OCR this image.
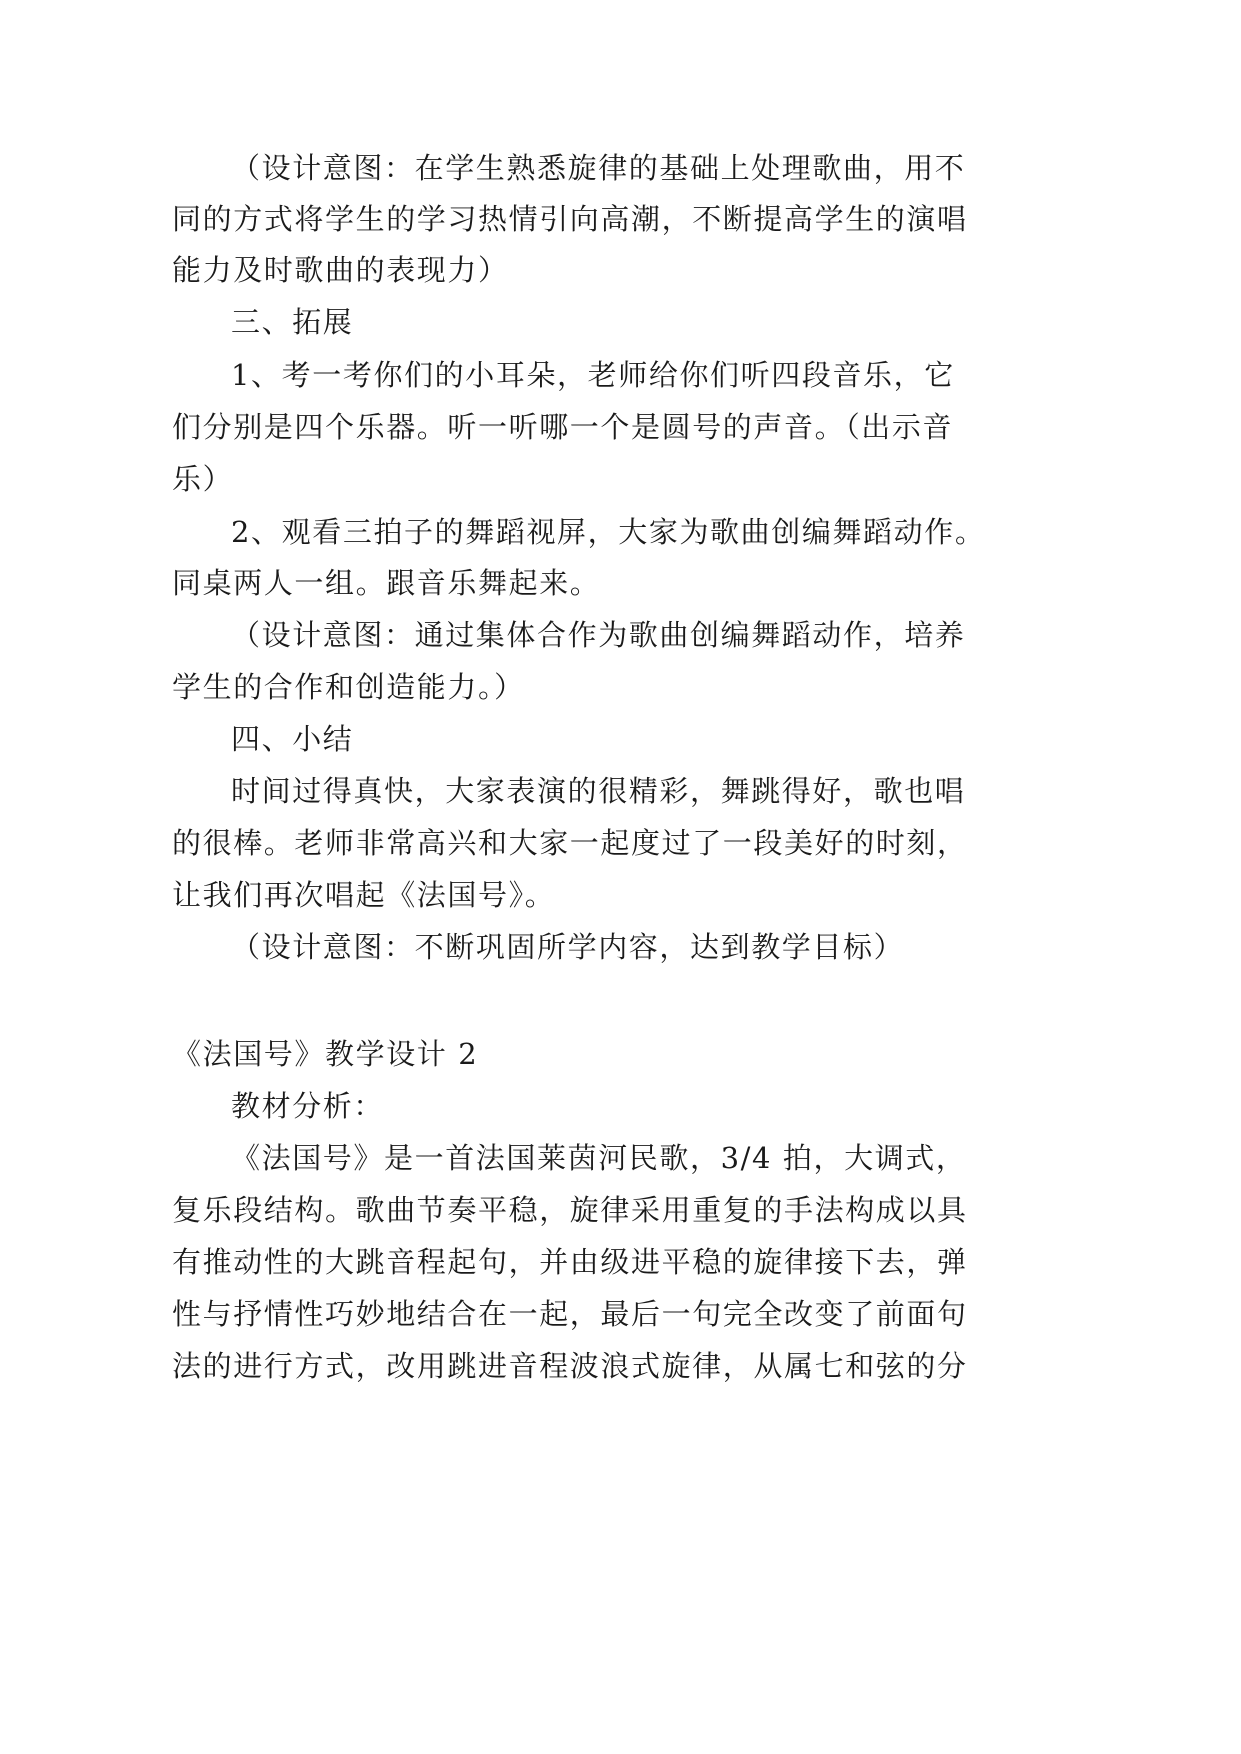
（设计意图：在学生熟悉旋律的基础上处理歌曲，用不
同的方式将学生的学习热情引向高潮，不断提高学生的演唱
能力及时歌曲的表现力）
三、拓展
1、考一考你们的小耳朵，老师给你们听四段音乐，它
们分别是四个乐器。听一听哪一个是圆号的声音。（出示音
乐）
2、观看三拍子的舞蹈视屏，大家为歌曲创编舞蹈动作。
同桌两人一组。跟音乐舞起来。
（设计意图：通过集体合作为歌曲创编舞蹈动作，培养
学生的合作和创造能力。）
四、小结
时间过得真快，大家表演的很精彩，舞跳得好，歌也唱
的很棒。老师非常高兴和大家一起度过了一段美好的时刻，
让我们再次唱起《法国号》。
（设计意图：不断巩固所学内容，达到教学目标）
《法国号》教学设计 2
教材分析：
《法国号》是一首法国莱茵河民歌，3/4 拍，大调式，
复乐段结构。歌曲节奏平稳，旋律采用重复的手法构成以具
有推动性的大跳音程起句，并由级进平稳的旋律接下去，弹
性与抒情性巧妙地结合在一起，最后一句完全改变了前面句
法的进行方式，改用跳进音程波浪式旋律，从属七和弦的分
